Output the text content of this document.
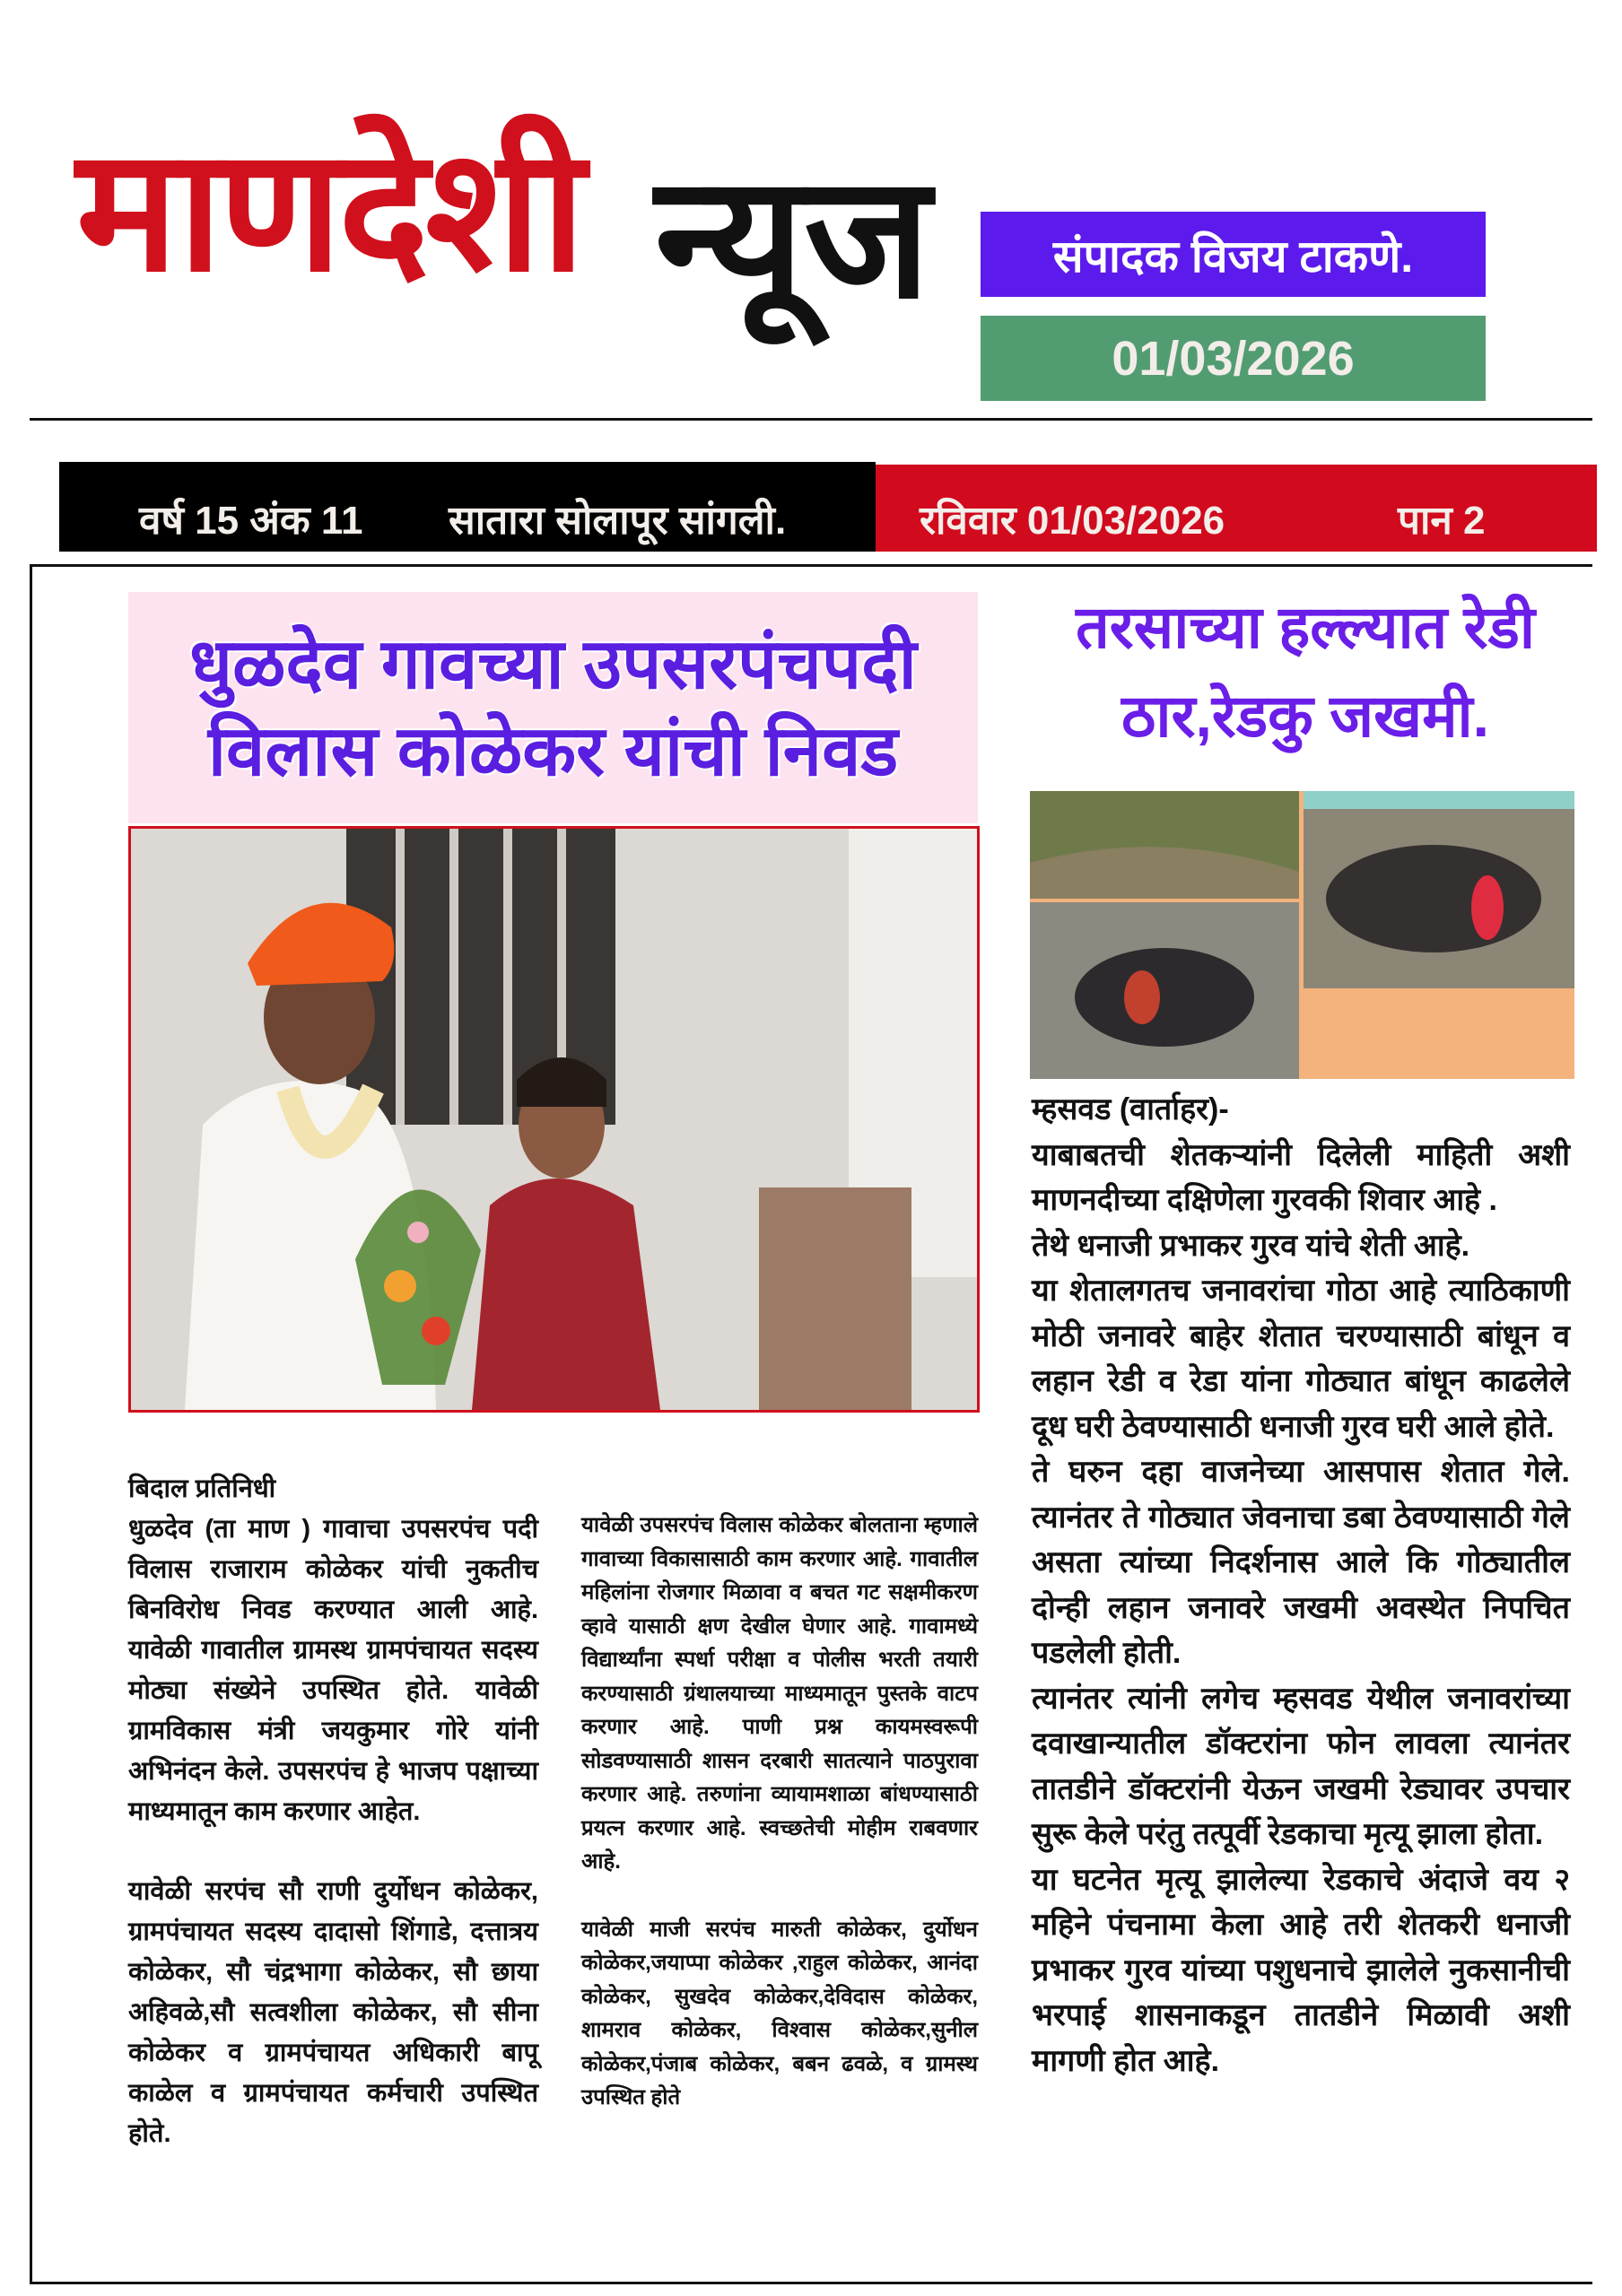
माणदेशी न्यूज	संपादक विजय टाकणे.
01/03/2026
वर्ष 15 अंक 11 सातारा सोलापूर सांगली.	रविवार 01/03/2026	पान 2
धुळदेव गावच्या उपसरपंचपदी
विलास कोळेकर यांची निवड

बिदाल प्रतिनिधी

धुळदेव (ता माण ) गावाचा उपसरपंच पदी विलास राजाराम कोळेकर यांची नुकतीच बिनविरोध निवड करण्यात आली आहे. यावेळी गावातील ग्रामस्थ ग्रामपंचायत सदस्य मोठ्या संख्येने उपस्थित होते. यावेळी ग्रामविकास मंत्री जयकुमार गोरे यांनी अभिनंदन केले. उपसरपंच हे भाजप पक्षाच्या माध्यमातून काम करणार आहेत.

यावेळी सरपंच सौ राणी दुर्योधन कोळेकर, ग्रामपंचायत सदस्य दादासो शिंगाडे, दत्तात्रय कोळेकर, सौ चंद्रभागा कोळेकर, सौ छाया अहिवळे,सौ सत्वशीला कोळेकर, सौ सीना कोळेकर व ग्रामपंचायत अधिकारी बापू काळेल व ग्रामपंचायत कर्मचारी उपस्थित होते.

यावेळी उपसरपंच विलास कोळेकर बोलताना म्हणाले गावाच्या विकासासाठी काम करणार आहे. गावातील महिलांना रोजगार मिळावा व बचत गट सक्षमीकरण व्हावे यासाठी क्षण देखील घेणार आहे. गावामध्ये विद्यार्थ्यांना स्पर्धा परीक्षा व पोलीस भरती तयारी करण्यासाठी ग्रंथालयाच्या माध्यमातून पुस्तके वाटप करणार आहे. पाणी प्रश्न कायमस्वरूपी सोडवण्यासाठी शासन दरबारी सातत्याने पाठपुरावा करणार आहे. तरुणांना व्यायामशाळा बांधण्यासाठी प्रयत्न करणार आहे. स्वच्छतेची मोहीम राबवणार आहे.

यावेळी माजी सरपंच मारुती कोळेकर, दुर्योधन कोळेकर,जयाप्पा कोळेकर ,राहुल कोळेकर, आनंदा कोळेकर, सुखदेव कोळेकर,देविदास कोळेकर, शामराव कोळेकर, विश्वास कोळेकर,सुनील कोळेकर,पंजाब कोळेकर, बबन ढवळे, व ग्रामस्थ उपस्थित होते

तरसाच्या हल्ल्यात रेडी
ठार,रेडकु जखमी.

म्हसवड (वार्ताहर)-

याबाबतची शेतकऱ्यांनी दिलेली माहिती अशी माणनदीच्या दक्षिणेला गुरवकी शिवार आहे .

तेथे धनाजी प्रभाकर गुरव यांचे शेती आहे.

या शेतालगतच जनावरांचा गोठा आहे त्याठिकाणी मोठी जनावरे बाहेर शेतात चरण्यासाठी बांधून व लहान रेडी व रेडा यांना गोठ्यात बांधून काढलेले दूध घरी ठेवण्यासाठी धनाजी गुरव घरी आले होते.

ते घरुन दहा वाजनेच्या आसपास शेतात गेले. त्यानंतर ते गोठ्यात जेवनाचा डबा ठेवण्यासाठी गेले असता त्यांच्या निदर्शनास आले कि गोठ्यातील दोन्ही लहान जनावरे जखमी अवस्थेत निपचित पडलेली होती.

त्यानंतर त्यांनी लगेच म्हसवड येथील जनावरांच्या दवाखान्यातील डॉक्टरांना फोन लावला त्यानंतर तातडीने डॉक्टरांनी येऊन जखमी रेड्यावर उपचार सुरू केले परंतु तत्पूर्वी रेडकाचा मृत्यू झाला होता.

या घटनेत मृत्यू झालेल्या रेडकाचे अंदाजे वय २ महिने पंचनामा केला आहे तरी शेतकरी धनाजी प्रभाकर गुरव यांच्या पशुधनाचे झालेले नुकसानीची भरपाई शासनाकडून तातडीने मिळावी अशी मागणी होत आहे.
